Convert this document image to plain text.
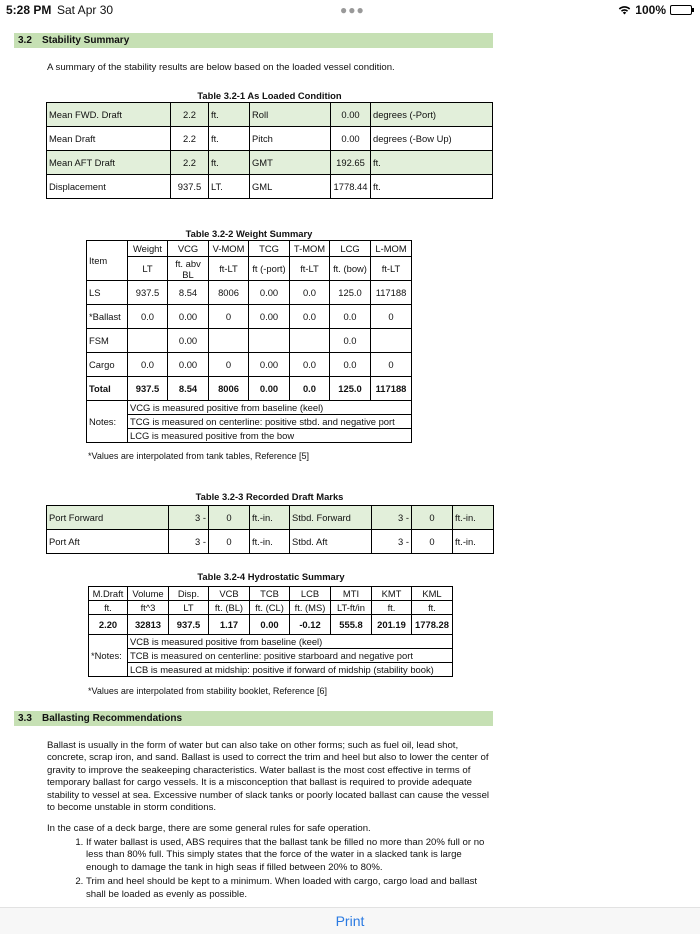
5:28 PM Sat Apr 30	●●●	100%
3.2	Stability Summary
A summary of the stability results are below based on the loaded vessel condition.
Table 3.2-1 As Loaded Condition
Mean FWD. Draft	2.2	ft.	Roll	0.00	degrees (-Port)
Mean Draft	2.2	ft.	Pitch	0.00	degrees (-Bow Up)
Mean AFT Draft	2.2	ft.	GMT	192.65	ft.
Displacement	937.5	LT.	GML	1778.44	ft.
Table 3.2-2 Weight Summary
Item	Weight	VCG	V-MOM	TCG	T-MOM	LCG	L-MOM
	LT	ft. abv BL	ft-LT	ft (-port)	ft-LT	ft. (bow)	ft-LT
LS	937.5	8.54	8006	0.00	0.0	125.0	117188
*Ballast	0.0	0.00	0	0.00	0.0	0.0	0
FSM		0.00				0.0	
Cargo	0.0	0.00	0	0.00	0.0	0.0	0
Total	937.5	8.54	8006	0.00	0.0	125.0	117188
Notes:	VCG is measured positive from baseline (keel)						
	TCG is measured on centerline: positive stbd. and negative port						
	LCG is measured positive from the bow						
*Values are interpolated from tank tables, Reference [5]
Table 3.2-3 Recorded Draft Marks
Port Forward	3 -	0	ft.-in.	Stbd. Forward	3 -	0	ft.-in.
Port Aft	3 -	0	ft.-in.	Stbd. Aft	3 -	0	ft.-in.
Table 3.2-4 Hydrostatic Summary
M.Draft	Volume	Disp.	VCB	TCB	LCB	MTI	KMT	KML
ft.	ft^3	LT	ft. (BL)	ft. (CL)	ft. (MS)	LT-ft/in	ft.	ft.
2.20	32813	937.5	1.17	0.00	-0.12	555.8	201.19	1778.28
*Notes:	VCB is measured positive from baseline (keel)							
	TCB is measured on centerline: positive starboard and negative port							
	LCB is measured at midship: positive if forward of midship (stability book)							
*Values are interpolated from stability booklet, Reference [6]
3.3	Ballasting Recommendations
Ballast is usually in the form of water but can also take on other forms; such as fuel oil, lead shot, concrete, scrap iron, and sand. Ballast is used to correct the trim and heel but also to lower the center of gravity to improve the seakeeping characteristics. Water ballast is the most cost effective in terms of temporary ballast for cargo vessels. It is a misconception that ballast is required to provide adequate stability to vessel at sea. Excessive number of slack tanks or poorly located ballast can cause the vessel to become unstable in storm conditions.
In the case of a deck barge, there are some general rules for safe operation.
1. If water ballast is used, ABS requires that the ballast tank be filled no more than 20% full or no less than 80% full. This simply states that the force of the water in a slacked tank is large enough to damage the tank in high seas if filled between 20% to 80%.
2. Trim and heel should be kept to a minimum. When loaded with cargo, cargo load and ballast shall be loaded as evenly as possible.
Print
